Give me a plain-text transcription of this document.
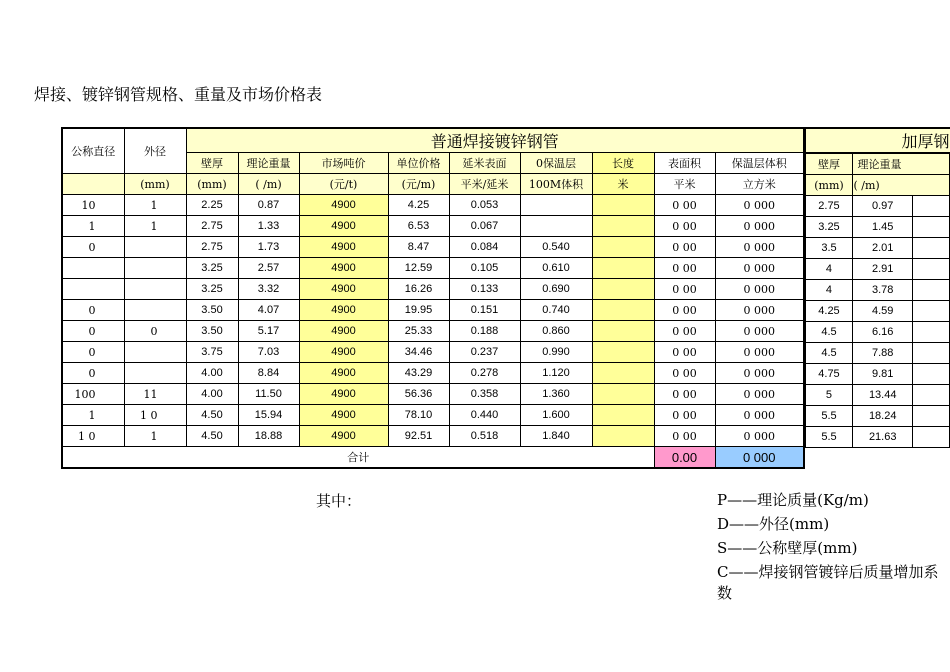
焊接、镀锌钢管规格、重量及市场价格表
公称直径	外径	普通焊接镀锌钢管								
		壁厚	理论重量	市场吨价	单位价格	延米表面	0保温层	长度	表面积	保温层体积
	(mm)	(mm)	( /m)	(元/t)	(元/m)	平米/延米	100M体积	米	平米	立方米
10	1	2.25	0.87	4900	4.25	0.053			0 00	0 000
1	1	2.75	1.33	4900	6.53	0.067			0 00	0 000
0		2.75	1.73	4900	8.47	0.084	0.540		0 00	0 000
		3.25	2.57	4900	12.59	0.105	0.610		0 00	0 000
		3.25	3.32	4900	16.26	0.133	0.690		0 00	0 000
0		3.50	4.07	4900	19.95	0.151	0.740		0 00	0 000
0	0	3.50	5.17	4900	25.33	0.188	0.860		0 00	0 000
0		3.75	7.03	4900	34.46	0.237	0.990		0 00	0 000
0		4.00	8.84	4900	43.29	0.278	1.120		0 00	0 000
100	11	4.00	11.50	4900	56.36	0.358	1.360		0 00	0 000
1	1 0	4.50	15.94	4900	78.10	0.440	1.600		0 00	0 000
1 0	1	4.50	18.88	4900	92.51	0.518	1.840		0 00	0 000
合计									0.00	0 000
加厚钢		
壁厚	理论重量	
(mm)	( /m)	
2.75	0.97	
3.25	1.45	
3.5	2.01	
4	2.91	
4	3.78	
4.25	4.59	
4.5	6.16	
4.5	7.88	
4.75	9.81	
5	13.44	
5.5	18.24	
5.5	21.63	
其中：	P——理论质量(Kg/m)
D——外径(mm)
S——公称壁厚(mm)
C——焊接钢管镀锌后质量增加系数
